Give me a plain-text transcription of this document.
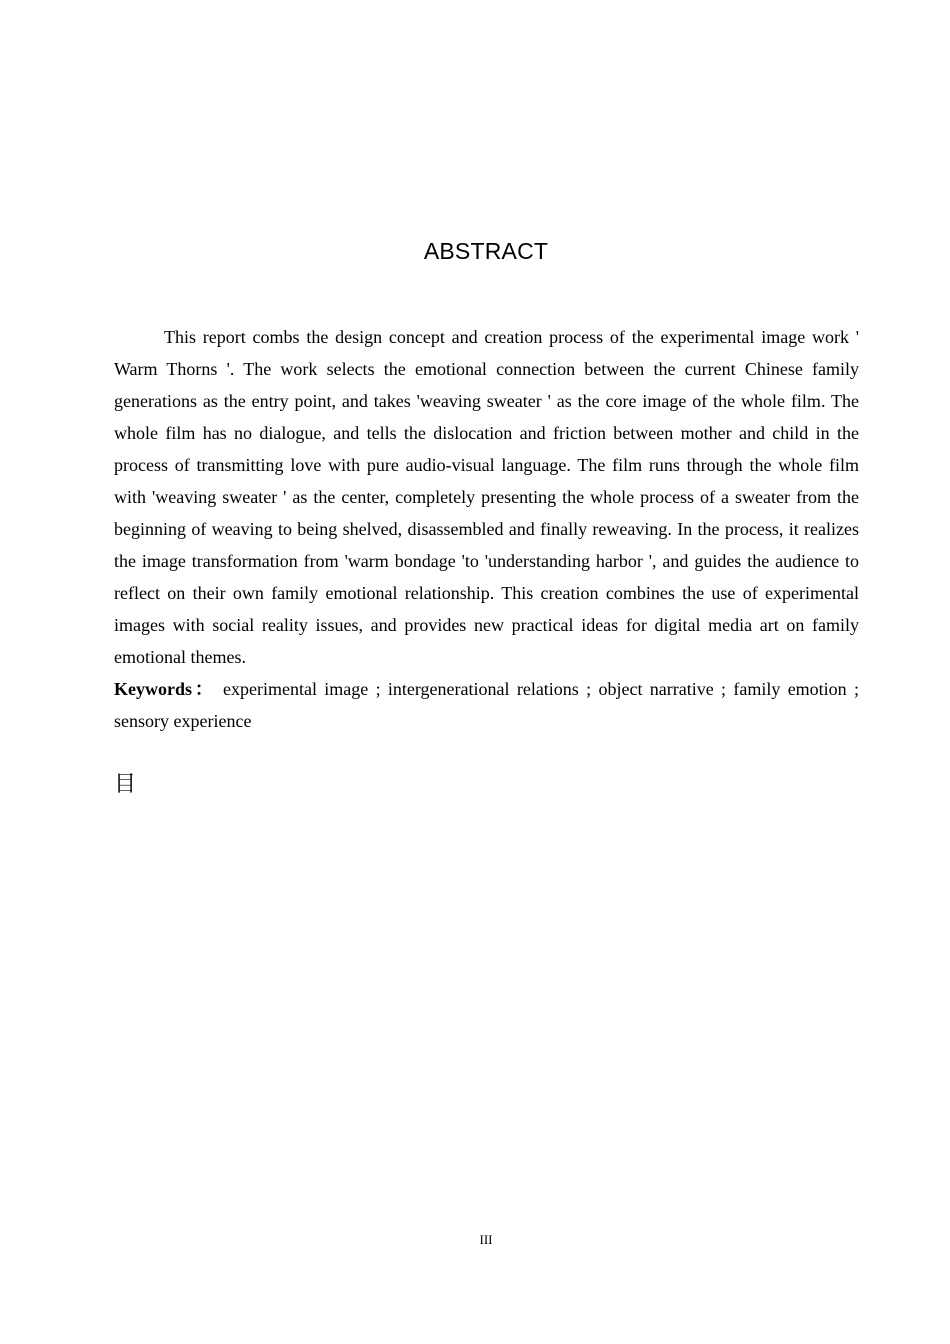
ABSTRACT

This report combs the design concept and creation process of the experimental image work ' Warm Thorns '. The work selects the emotional connection between the current Chinese family generations as the entry point, and takes 'weaving sweater ' as the core image of the whole film. The whole film has no dialogue, and tells the dislocation and friction between mother and child in the process of transmitting love with pure audio-visual language. The film runs through the whole film with 'weaving sweater ' as the center, completely presenting the whole process of a sweater from the beginning of weaving to being shelved, disassembled and finally reweaving. In the process, it realizes the image transformation from 'warm bondage 'to 'understanding harbor ', and guides the audience to reflect on their own family emotional relationship. This creation combines the use of experimental images with social reality issues, and provides new practical ideas for digital media art on family emotional themes.

Keywords： experimental image ; intergenerational relations ; object narrative ; family emotion ; sensory experience

目
III
